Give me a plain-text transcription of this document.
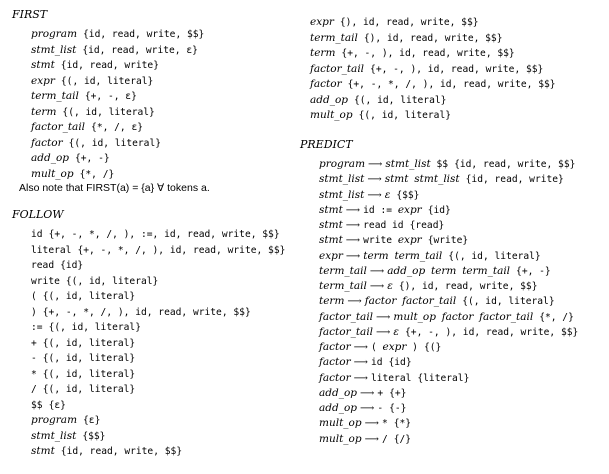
FIRST
program {id, read, write, $$}
stmt_list {id, read, write, ε}
stmt {id, read, write}
expr {(, id, literal}
term_tail {+, -, ε}
term {(, id, literal}
factor_tail {*, /, ε}
factor {(, id, literal}
add_op {+, -}
mult_op {*, /}
Also note that FIRST(a) = {a} ∀ tokens a.
FOLLOW
id {+, -, *, /, ), :=, id, read, write, $$}
literal {+, -, *, /, ), id, read, write, $$}
read {id}
write {(, id, literal}
( {(, id, literal}
) {+, -, *, /, ), id, read, write, $$}
:= {(, id, literal}
+ {(, id, literal}
- {(, id, literal}
* {(, id, literal}
/ {(, id, literal}
$$ {ε}
program {ε}
stmt_list {$$}
stmt {id, read, write, $$}
expr {), id, read, write, $$}
term_tail {), id, read, write, $$}
term {+, -, ), id, read, write, $$}
factor_tail {+, -, ), id, read, write, $$}
factor {+, -, *, /, ), id, read, write, $$}
add_op {(, id, literal}
mult_op {(, id, literal}
PREDICT
program ⟶ stmt_list $$ {id, read, write, $$}
stmt_list ⟶ stmt stmt_list {id, read, write}
stmt_list ⟶ ε {$$}
stmt ⟶ id := expr {id}
stmt ⟶ read id {read}
stmt ⟶ write expr {write}
expr ⟶ term term_tail {(, id, literal}
term_tail ⟶ add_op term term_tail {+, -}
term_tail ⟶ ε {), id, read, write, $$}
term ⟶ factor factor_tail {(, id, literal}
factor_tail ⟶ mult_op factor factor_tail {*, /}
factor_tail ⟶ ε {+, -, ), id, read, write, $$}
factor ⟶ ( expr ) {(}
factor ⟶ id {id}
factor ⟶ literal {literal}
add_op ⟶ + {+}
add_op ⟶ - {-}
mult_op ⟶ * {*}
mult_op ⟶ / {/}
